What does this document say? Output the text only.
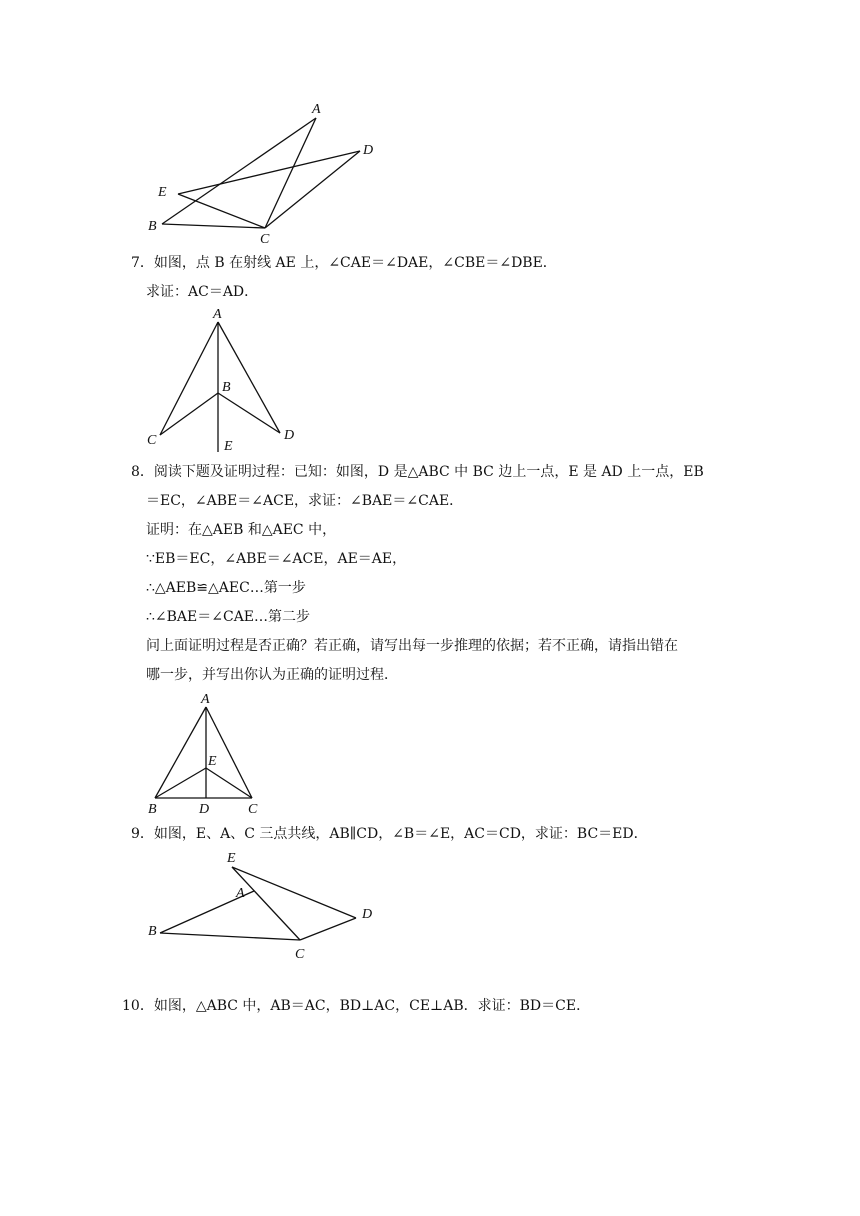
A
D
E
B
C
7．如图，点 B 在射线 AE 上，∠CAE＝∠DAE，∠CBE＝∠DBE．
求证：AC＝AD．
A
B
C	D
E
8．阅读下题及证明过程：已知：如图，D 是△ABC 中 BC 边上一点，E 是 AD 上一点，EB
＝EC，∠ABE＝∠ACE，求证：∠BAE＝∠CAE．
证明：在△AEB 和△AEC 中，
∵EB＝EC，∠ABE＝∠ACE，AE＝AE，
∴△AEB≌△AEC…第一步
∴∠BAE＝∠CAE…第二步
问上面证明过程是否正确？若正确，请写出每一步推理的依据；若不正确，请指出错在
哪一步，并写出你认为正确的证明过程．
A
E
B	D	C
9．如图，E、A、C 三点共线，AB∥CD，∠B＝∠E，AC＝CD，求证：BC＝ED．
E
A
B
C
D
10．如图，△ABC 中，AB＝AC，BD⊥AC，CE⊥AB．求证：BD＝CE．
